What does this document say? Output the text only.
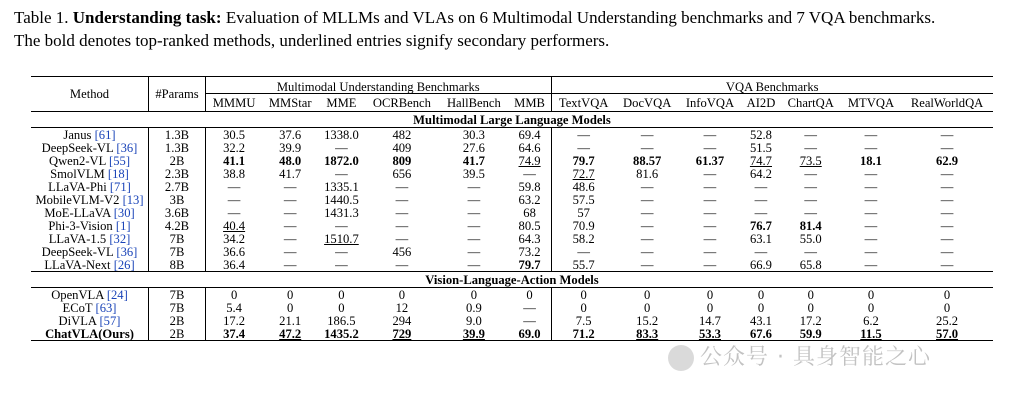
Table 1. Understanding task: Evaluation of MLLMs and VLAs on 6 Multimodal Understanding benchmarks and 7 VQA benchmarks.
The bold denotes top-ranked methods, underlined entries signify secondary performers.
Method	#Params	Multimodal Understanding Benchmarks						VQA Benchmarks						
		MMMU	MMStar	MME	OCRBench	HallBench	MMB	TextVQA	DocVQA	InfoVQA	AI2D	ChartQA	MTVQA	RealWorldQA
Multimodal Large Language Models														
Janus [61]	1.3B	30.5	37.6	1338.0	482	30.3	69.4	—	—	—	52.8	—	—	—
DeepSeek-VL [36]	1.3B	32.2	39.9	—	409	27.6	64.6	—	—	—	51.5	—	—	—
Qwen2-VL [55]	2B	41.1	48.0	1872.0	809	41.7	74.9	79.7	88.57	61.37	74.7	73.5	18.1	62.9
SmolVLM [18]	2.3B	38.8	41.7	—	656	39.5	—	72.7	81.6	—	64.2	—	—	—
LLaVA-Phi [71]	2.7B	—	—	1335.1	—	—	59.8	48.6	—	—	—	—	—	—
MobileVLM-V2 [13]	3B	—	—	1440.5	—	—	63.2	57.5	—	—	—	—	—	—
MoE-LLaVA [30]	3.6B	—	—	1431.3	—	—	68	57	—	—	—	—	—	—
Phi-3-Vision [1]	4.2B	40.4	—	—	—	—	80.5	70.9	—	—	76.7	81.4	—	—
LLaVA-1.5 [32]	7B	34.2	—	1510.7	—	—	64.3	58.2	—	—	63.1	55.0	—	—
DeepSeek-VL [36]	7B	36.6	—	—	456	—	73.2	—	—	—	—	—	—	—
LLaVA-Next [26]	8B	36.4	—	—	—	—	79.7	55.7	—	—	66.9	65.8	—	—
Vision-Language-Action Models														
OpenVLA [24]	7B	0	0	0	0	0	0	0	0	0	0	0	0	0
ECoT [63]	7B	5.4	0	0	12	0.9	—	0	0	0	0	0	0	0
DiVLA [57]	2B	17.2	21.1	186.5	294	9.0	—	7.5	15.2	14.7	43.1	17.2	6.2	25.2
ChatVLA(Ours)	2B	37.4	47.2	1435.2	729	39.9	69.0	71.2	83.3	53.3	67.6	59.9	11.5	57.0
公众号 · 具身智能之心
